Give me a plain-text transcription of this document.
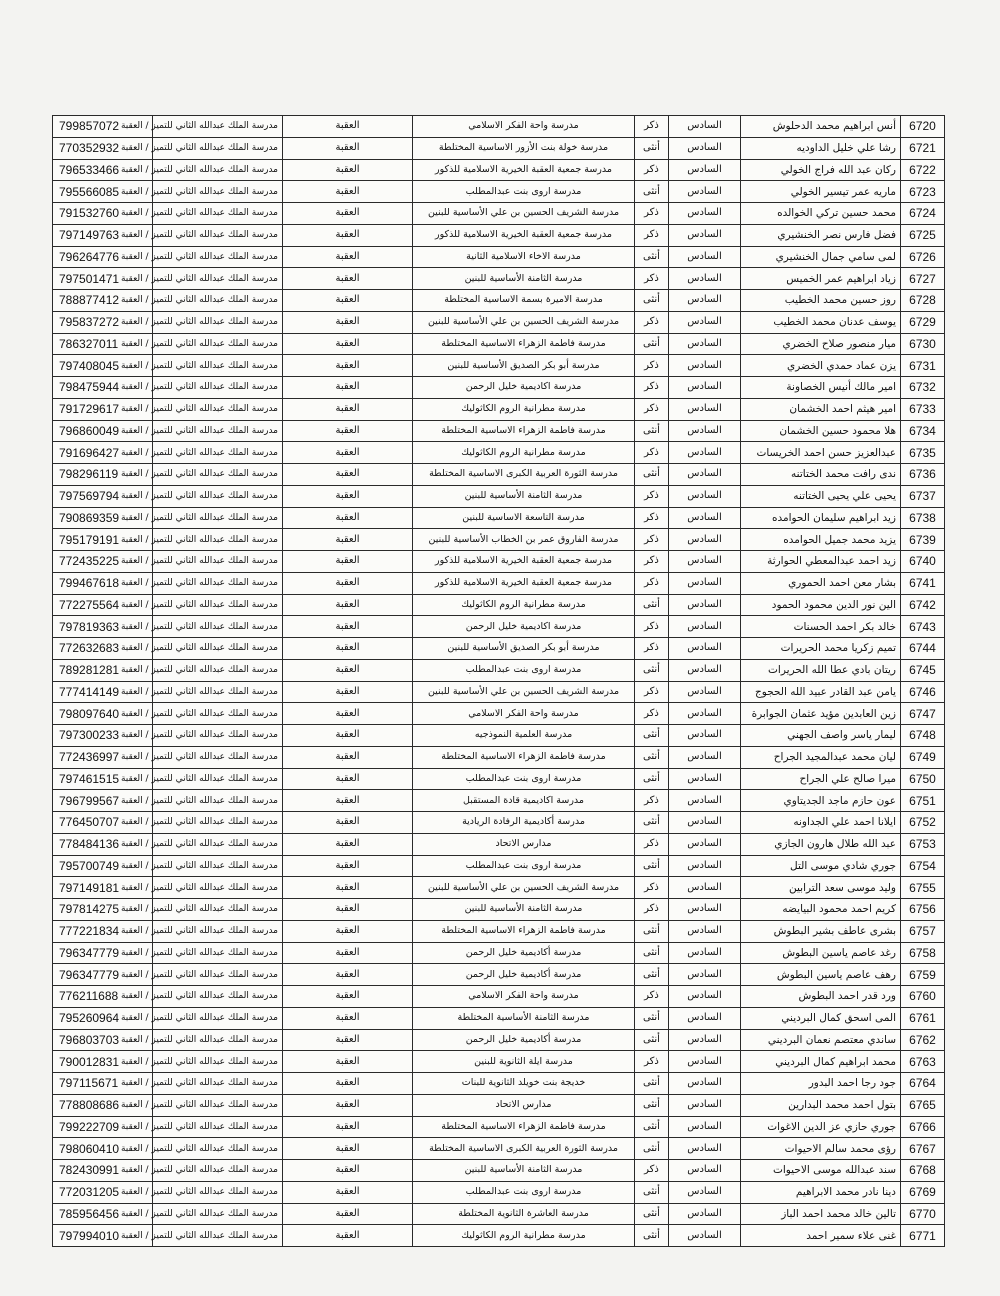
6720	أنس ابراهيم محمد الدحلوش	السادس	ذكر	مدرسة واحة الفكر الاسلامي	العقبة	مدرسة الملك عبدالله الثاني للتميز / العقبة	799857072
6721	رشا علي خليل الداوديه	السادس	أنثى	مدرسة خولة بنت الأزور الاساسية المختلطة	العقبة	مدرسة الملك عبدالله الثاني للتميز / العقبة	770352932
6722	ركان عبد الله فراج الخولي	السادس	ذكر	مدرسة جمعية العقبة الخيرية الاسلامية للذكور	العقبة	مدرسة الملك عبدالله الثاني للتميز / العقبة	796533466
6723	ماريه عمر تيسير الخولي	السادس	أنثى	مدرسة اروى بنت عبدالمطلب	العقبة	مدرسة الملك عبدالله الثاني للتميز / العقبة	795566085
6724	محمد حسين تركي الخوالده	السادس	ذكر	مدرسة الشريف الحسين بن علي الأساسية للبنين	العقبة	مدرسة الملك عبدالله الثاني للتميز / العقبة	791532760
6725	فضل فارس نصر الخنشيري	السادس	ذكر	مدرسة جمعية العقبة الخيرية الاسلامية للذكور	العقبة	مدرسة الملك عبدالله الثاني للتميز / العقبة	797149763
6726	لمى سامي جمال الخنشيري	السادس	أنثى	مدرسة الاخاء الاسلامية الثانية	العقبة	مدرسة الملك عبدالله الثاني للتميز / العقبة	796264776
6727	زياد ابراهيم عمر الخميس	السادس	ذكر	مدرسة الثامنة الأساسية للبنين	العقبة	مدرسة الملك عبدالله الثاني للتميز / العقبة	797501471
6728	روز حسين محمد الخطيب	السادس	أنثى	مدرسة الاميرة بسمة الاساسية المختلطة	العقبة	مدرسة الملك عبدالله الثاني للتميز / العقبة	788877412
6729	يوسف عدنان محمد الخطيب	السادس	ذكر	مدرسة الشريف الحسين بن علي الأساسية للبنين	العقبة	مدرسة الملك عبدالله الثاني للتميز / العقبة	795837272
6730	ميار منصور صلاح الخضري	السادس	أنثى	مدرسة فاطمة الزهراء الاساسية المختلطة	العقبة	مدرسة الملك عبدالله الثاني للتميز / العقبة	786327011
6731	يزن عماد حمدي الخضري	السادس	ذكر	مدرسة أبو بكر الصديق الأساسية للبنين	العقبة	مدرسة الملك عبدالله الثاني للتميز / العقبة	797408045
6732	امير مالك أنيس الخصاونة	السادس	ذكر	مدرسة اكاديمية خليل الرحمن	العقبة	مدرسة الملك عبدالله الثاني للتميز / العقبة	798475944
6733	امير هيثم احمد الخشمان	السادس	ذكر	مدرسة مطرانية الروم الكاثوليك	العقبة	مدرسة الملك عبدالله الثاني للتميز / العقبة	791729617
6734	هلا محمود حسين الخشمان	السادس	أنثى	مدرسة فاطمة الزهراء الاساسية المختلطة	العقبة	مدرسة الملك عبدالله الثاني للتميز / العقبة	796860049
6735	عبدالعزيز حسن احمد الخريسات	السادس	ذكر	مدرسة مطرانية الروم الكاثوليك	العقبة	مدرسة الملك عبدالله الثاني للتميز / العقبة	791696427
6736	ندى رافت محمد الختاتنه	السادس	أنثى	مدرسة الثورة العربية الكبرى الاساسية المختلطة	العقبة	مدرسة الملك عبدالله الثاني للتميز / العقبة	798296119
6737	يحيى علي يحيى الختاتنه	السادس	ذكر	مدرسة الثامنة الأساسية للبنين	العقبة	مدرسة الملك عبدالله الثاني للتميز / العقبة	797569794
6738	زيد ابراهيم سليمان الحوامده	السادس	ذكر	مدرسة التاسعة الاساسية للبنين	العقبة	مدرسة الملك عبدالله الثاني للتميز / العقبة	790869359
6739	يزيد محمد جميل الحوامده	السادس	ذكر	مدرسة الفاروق عمر بن الخطاب الأساسية للبنين	العقبة	مدرسة الملك عبدالله الثاني للتميز / العقبة	795179191
6740	زيد احمد عبدالمعطي الحوارثة	السادس	ذكر	مدرسة جمعية العقبة الخيرية الاسلامية للذكور	العقبة	مدرسة الملك عبدالله الثاني للتميز / العقبة	772435225
6741	بشار معن احمد الحموري	السادس	ذكر	مدرسة جمعية العقبة الخيرية الاسلامية للذكور	العقبة	مدرسة الملك عبدالله الثاني للتميز / العقبة	799467618
6742	الين نور الدين محمود الحمود	السادس	أنثى	مدرسة مطرانية الروم الكاثوليك	العقبة	مدرسة الملك عبدالله الثاني للتميز / العقبة	772275564
6743	خالد بكر احمد الحسنات	السادس	ذكر	مدرسة اكاديمية خليل الرحمن	العقبة	مدرسة الملك عبدالله الثاني للتميز / العقبة	797819363
6744	تميم زكريا محمد الحريرات	السادس	ذكر	مدرسة أبو بكر الصديق الأساسية للبنين	العقبة	مدرسة الملك عبدالله الثاني للتميز / العقبة	772632683
6745	ريتان بادي عطا الله الحريرات	السادس	أنثى	مدرسة اروى بنت عبدالمطلب	العقبة	مدرسة الملك عبدالله الثاني للتميز / العقبة	789281281
6746	يامن عبد القادر عبيد الله الحجوج	السادس	ذكر	مدرسة الشريف الحسين بن علي الأساسية للبنين	العقبة	مدرسة الملك عبدالله الثاني للتميز / العقبة	777414149
6747	زين العابدين مؤيد عثمان الجوابرة	السادس	ذكر	مدرسة واحة الفكر الاسلامي	العقبة	مدرسة الملك عبدالله الثاني للتميز / العقبة	798097640
6748	ليمار ياسر واصف الجهني	السادس	أنثى	مدرسة العلمية النموذجيه	العقبة	مدرسة الملك عبدالله الثاني للتميز / العقبة	797300233
6749	ليان محمد عبدالمجيد الجراح	السادس	أنثى	مدرسة فاطمة الزهراء الاساسية المختلطة	العقبة	مدرسة الملك عبدالله الثاني للتميز / العقبة	772436997
6750	ميرا صالح علي الجراح	السادس	أنثى	مدرسة اروى بنت عبدالمطلب	العقبة	مدرسة الملك عبدالله الثاني للتميز / العقبة	797461515
6751	عون حازم ماجد الجديتاوي	السادس	ذكر	مدرسة اكاديمية قادة المستقبل	العقبة	مدرسة الملك عبدالله الثاني للتميز / العقبة	796799567
6752	ايلانا احمد علي الجداونه	السادس	أنثى	مدرسة أكاديمية الرفادة الريادية	العقبة	مدرسة الملك عبدالله الثاني للتميز / العقبة	776450707
6753	عبد الله طلال هارون الجازي	السادس	ذكر	مدارس الاتحاد	العقبة	مدرسة الملك عبدالله الثاني للتميز / العقبة	778484136
6754	جوري شادي موسى التل	السادس	أنثى	مدرسة اروى بنت عبدالمطلب	العقبة	مدرسة الملك عبدالله الثاني للتميز / العقبة	795700749
6755	وليد موسى سعد الترابين	السادس	ذكر	مدرسة الشريف الحسين بن علي الأساسية للبنين	العقبة	مدرسة الملك عبدالله الثاني للتميز / العقبة	797149181
6756	كريم احمد محمود البيايضه	السادس	ذكر	مدرسة الثامنة الأساسية للبنين	العقبة	مدرسة الملك عبدالله الثاني للتميز / العقبة	797814275
6757	بشرى عاطف بشير البطوش	السادس	أنثى	مدرسة فاطمة الزهراء الاساسية المختلطة	العقبة	مدرسة الملك عبدالله الثاني للتميز / العقبة	777221834
6758	رغد عاصم ياسين البطوش	السادس	أنثى	مدرسة أكاديمية خليل الرحمن	العقبة	مدرسة الملك عبدالله الثاني للتميز / العقبة	796347779
6759	رهف عاصم ياسين البطوش	السادس	أنثى	مدرسة أكاديمية خليل الرحمن	العقبة	مدرسة الملك عبدالله الثاني للتميز / العقبة	796347779
6760	ورد قدر احمد البطوش	السادس	ذكر	مدرسة واحة الفكر الاسلامي	العقبة	مدرسة الملك عبدالله الثاني للتميز / العقبة	776211688
6761	المى اسحق كمال البرديني	السادس	أنثى	مدرسة الثامنة الأساسية المختلطة	العقبة	مدرسة الملك عبدالله الثاني للتميز / العقبة	795260964
6762	ساندي معتصم نعمان البرديني	السادس	أنثى	مدرسة أكاديمية خليل الرحمن	العقبة	مدرسة الملك عبدالله الثاني للتميز / العقبة	796803703
6763	محمد ابراهيم كمال البرديني	السادس	ذكر	مدرسة ايلة الثانوية للبنين	العقبة	مدرسة الملك عبدالله الثاني للتميز / العقبة	790012831
6764	جود رجا احمد البدور	السادس	أنثى	خديجة بنت خويلد الثانوية للبنات	العقبة	مدرسة الملك عبدالله الثاني للتميز / العقبة	797115671
6765	بتول احمد محمد البدارين	السادس	أنثى	مدارس الاتحاد	العقبة	مدرسة الملك عبدالله الثاني للتميز / العقبة	778808686
6766	جوري حازي عز الدين الاغوات	السادس	أنثى	مدرسة فاطمة الزهراء الاساسية المختلطة	العقبة	مدرسة الملك عبدالله الثاني للتميز / العقبة	799222709
6767	رؤى محمد سالم الاحيوات	السادس	أنثى	مدرسة الثورة العربية الكبرى الاساسية المختلطة	العقبة	مدرسة الملك عبدالله الثاني للتميز / العقبة	798060410
6768	سند عبدالله موسى الاحيوات	السادس	ذكر	مدرسة الثامنة الأساسية للبنين	العقبة	مدرسة الملك عبدالله الثاني للتميز / العقبة	782430991
6769	دينا نادر محمد الابراهيم	السادس	أنثى	مدرسة اروى بنت عبدالمطلب	العقبة	مدرسة الملك عبدالله الثاني للتميز / العقبة	772031205
6770	تالين خالد محمد احمد الباز	السادس	أنثى	مدرسة العاشرة الثانوية المختلطة	العقبة	مدرسة الملك عبدالله الثاني للتميز / العقبة	785956456
6771	غنى علاء سمير احمد	السادس	أنثى	مدرسة مطرانية الروم الكاثوليك	العقبة	مدرسة الملك عبدالله الثاني للتميز / العقبة	797994010
